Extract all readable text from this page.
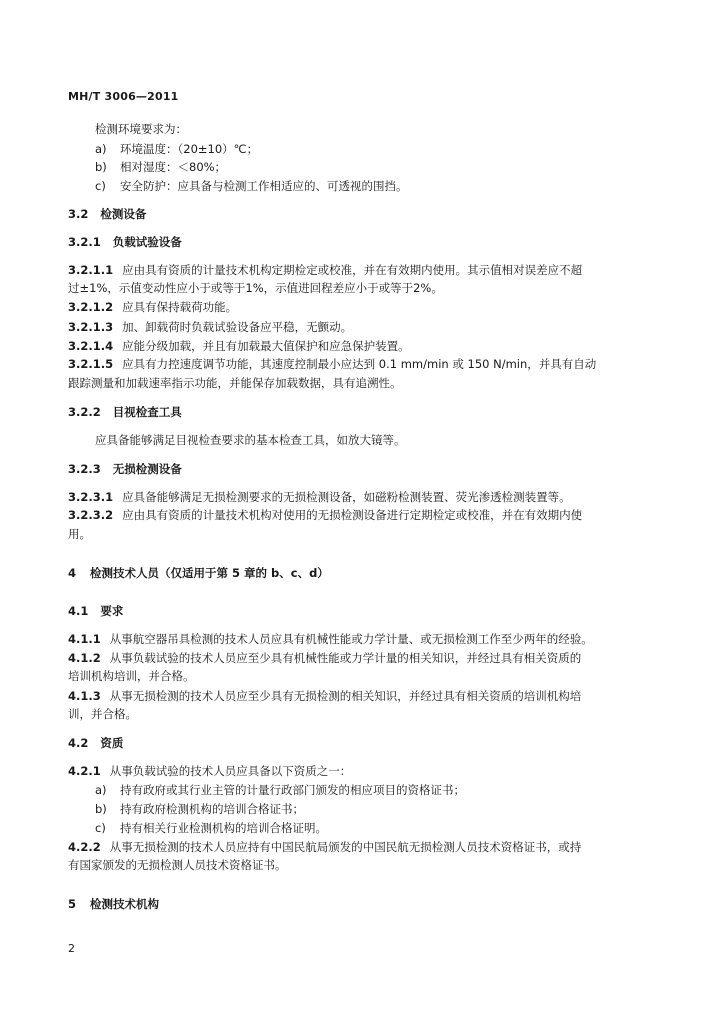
MH/T 3006—2011
检测环境要求为：
a) 环境温度：（20±10）℃；
b) 相对湿度：＜80%；
c) 安全防护：应具备与检测工作相适应的、可透视的围挡。
3.2 检测设备
3.2.1 负载试验设备
3.2.1.1 应由具有资质的计量技术机构定期检定或校准，并在有效期内使用。其示值相对误差应不超
过±1%，示值变动性应小于或等于1%，示值进回程差应小于或等于2%。
3.2.1.2 应具有保持载荷功能。
3.2.1.3 加、卸载荷时负载试验设备应平稳，无颤动。
3.2.1.4 应能分级加载，并且有加载最大值保护和应急保护装置。
3.2.1.5 应具有力控速度调节功能，其速度控制最小应达到 0.1 mm/min 或 150 N/min，并具有自动
跟踪测量和加载速率指示功能，并能保存加载数据，具有追溯性。
3.2.2 目视检查工具
应具备能够满足目视检查要求的基本检查工具，如放大镜等。
3.2.3 无损检测设备
3.2.3.1 应具备能够满足无损检测要求的无损检测设备，如磁粉检测装置、荧光渗透检测装置等。
3.2.3.2 应由具有资质的计量技术机构对使用的无损检测设备进行定期检定或校准，并在有效期内使
用。
4 检测技术人员（仅适用于第 5 章的 b、c、d）
4.1 要求
4.1.1 从事航空器吊具检测的技术人员应具有机械性能或力学计量、或无损检测工作至少两年的经验。
4.1.2 从事负载试验的技术人员应至少具有机械性能或力学计量的相关知识，并经过具有相关资质的
培训机构培训，并合格。
4.1.3 从事无损检测的技术人员应至少具有无损检测的相关知识，并经过具有相关资质的培训机构培
训，并合格。
4.2 资质
4.2.1 从事负载试验的技术人员应具备以下资质之一：
a) 持有政府或其行业主管的计量行政部门颁发的相应项目的资格证书；
b) 持有政府检测机构的培训合格证书；
c) 持有相关行业检测机构的培训合格证明。
4.2.2 从事无损检测的技术人员应持有中国民航局颁发的中国民航无损检测人员技术资格证书，或持
有国家颁发的无损检测人员技术资格证书。
5 检测技术机构
2
